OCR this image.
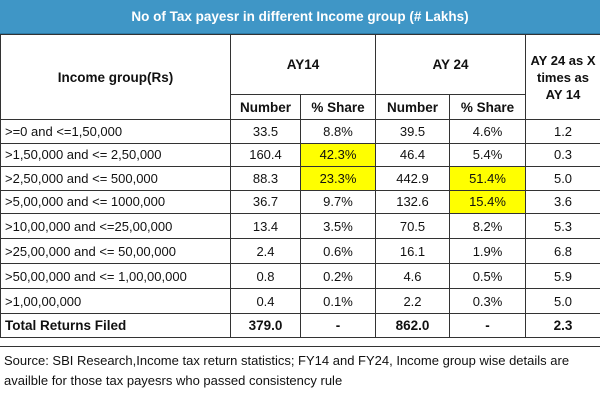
No of Tax payesr in different Income group (# Lakhs)
Income group(Rs)	AY14		AY 24		AY 24 as X times as AY 14
	Number	% Share	Number	% Share	
>=0 and <=1,50,000	33.5	8.8%	39.5	4.6%	1.2
>1,50,000 and <= 2,50,000	160.4	42.3%	46.4	5.4%	0.3
>2,50,000 and <= 500,000	88.3	23.3%	442.9	51.4%	5.0
>5,00,000 and <= 1000,000	36.7	9.7%	132.6	15.4%	3.6
>10,00,000 and <=25,00,000	13.4	3.5%	70.5	8.2%	5.3
>25,00,000 and <= 50,00,000	2.4	0.6%	16.1	1.9%	6.8
>50,00,000 and <= 1,00,00,000	0.8	0.2%	4.6	0.5%	5.9
>1,00,00,000	0.4	0.1%	2.2	0.3%	5.0
Total Returns Filed	379.0	-	862.0	-	2.3
Source: SBI Research,Income tax return statistics; FY14 and FY24, Income group wise details are availble for those tax payesrs who passed consistency rule
